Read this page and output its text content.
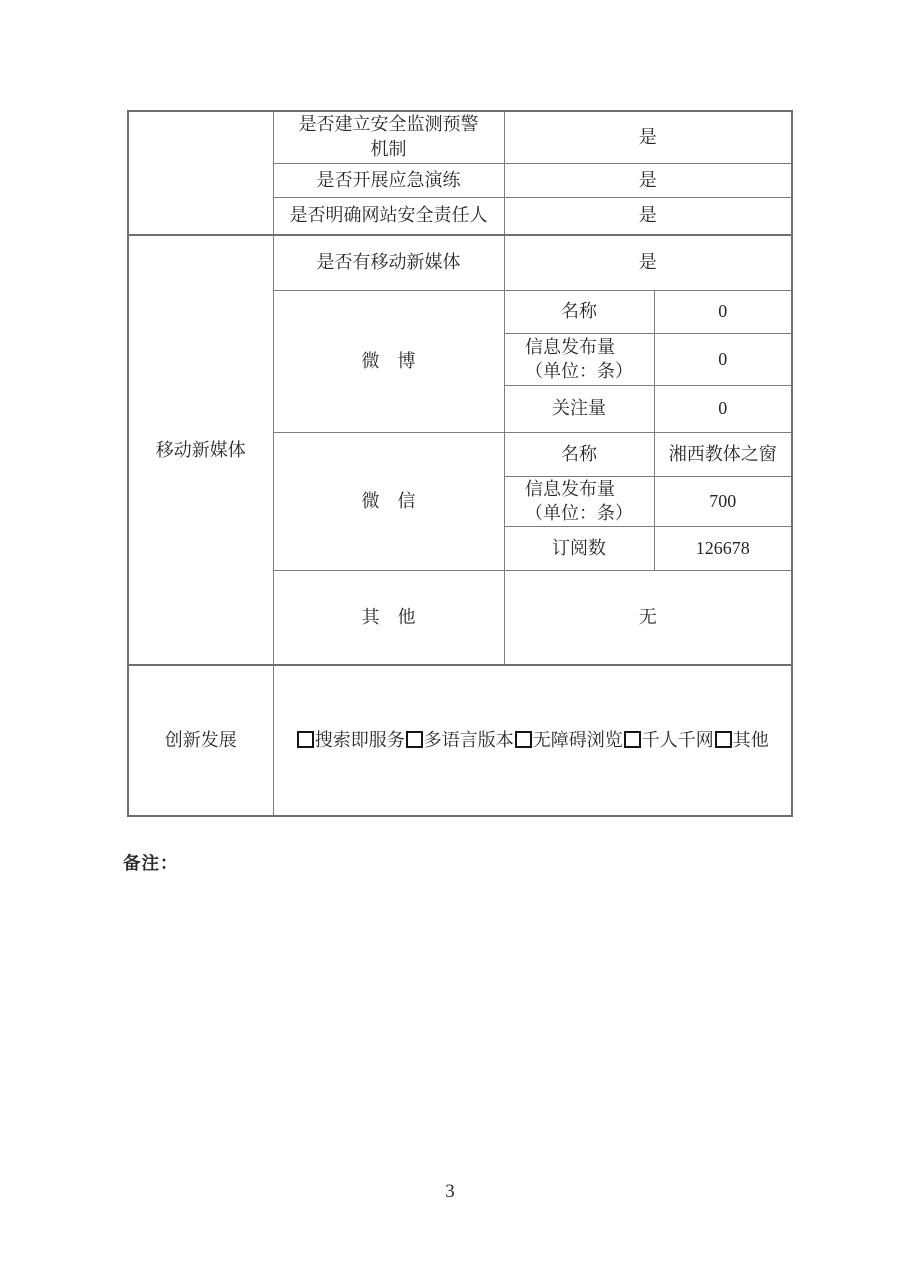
	是否建立安全监测预警
机制	是	
	是否开展应急演练	是	
	是否明确网站安全责任人	是	
移动新媒体	是否有移动新媒体	是	
	微　博	名称	0

		信息发布量
（单位：条）	0
		关注量	0
	微　信	名称	湘西教体之窗

		信息发布量
（单位：条）	700
		订阅数	126678
	其　他	无	
创新发展	搜索即服务 多语言版本 无障碍浏览 千人千网 其他		
备注：
3
